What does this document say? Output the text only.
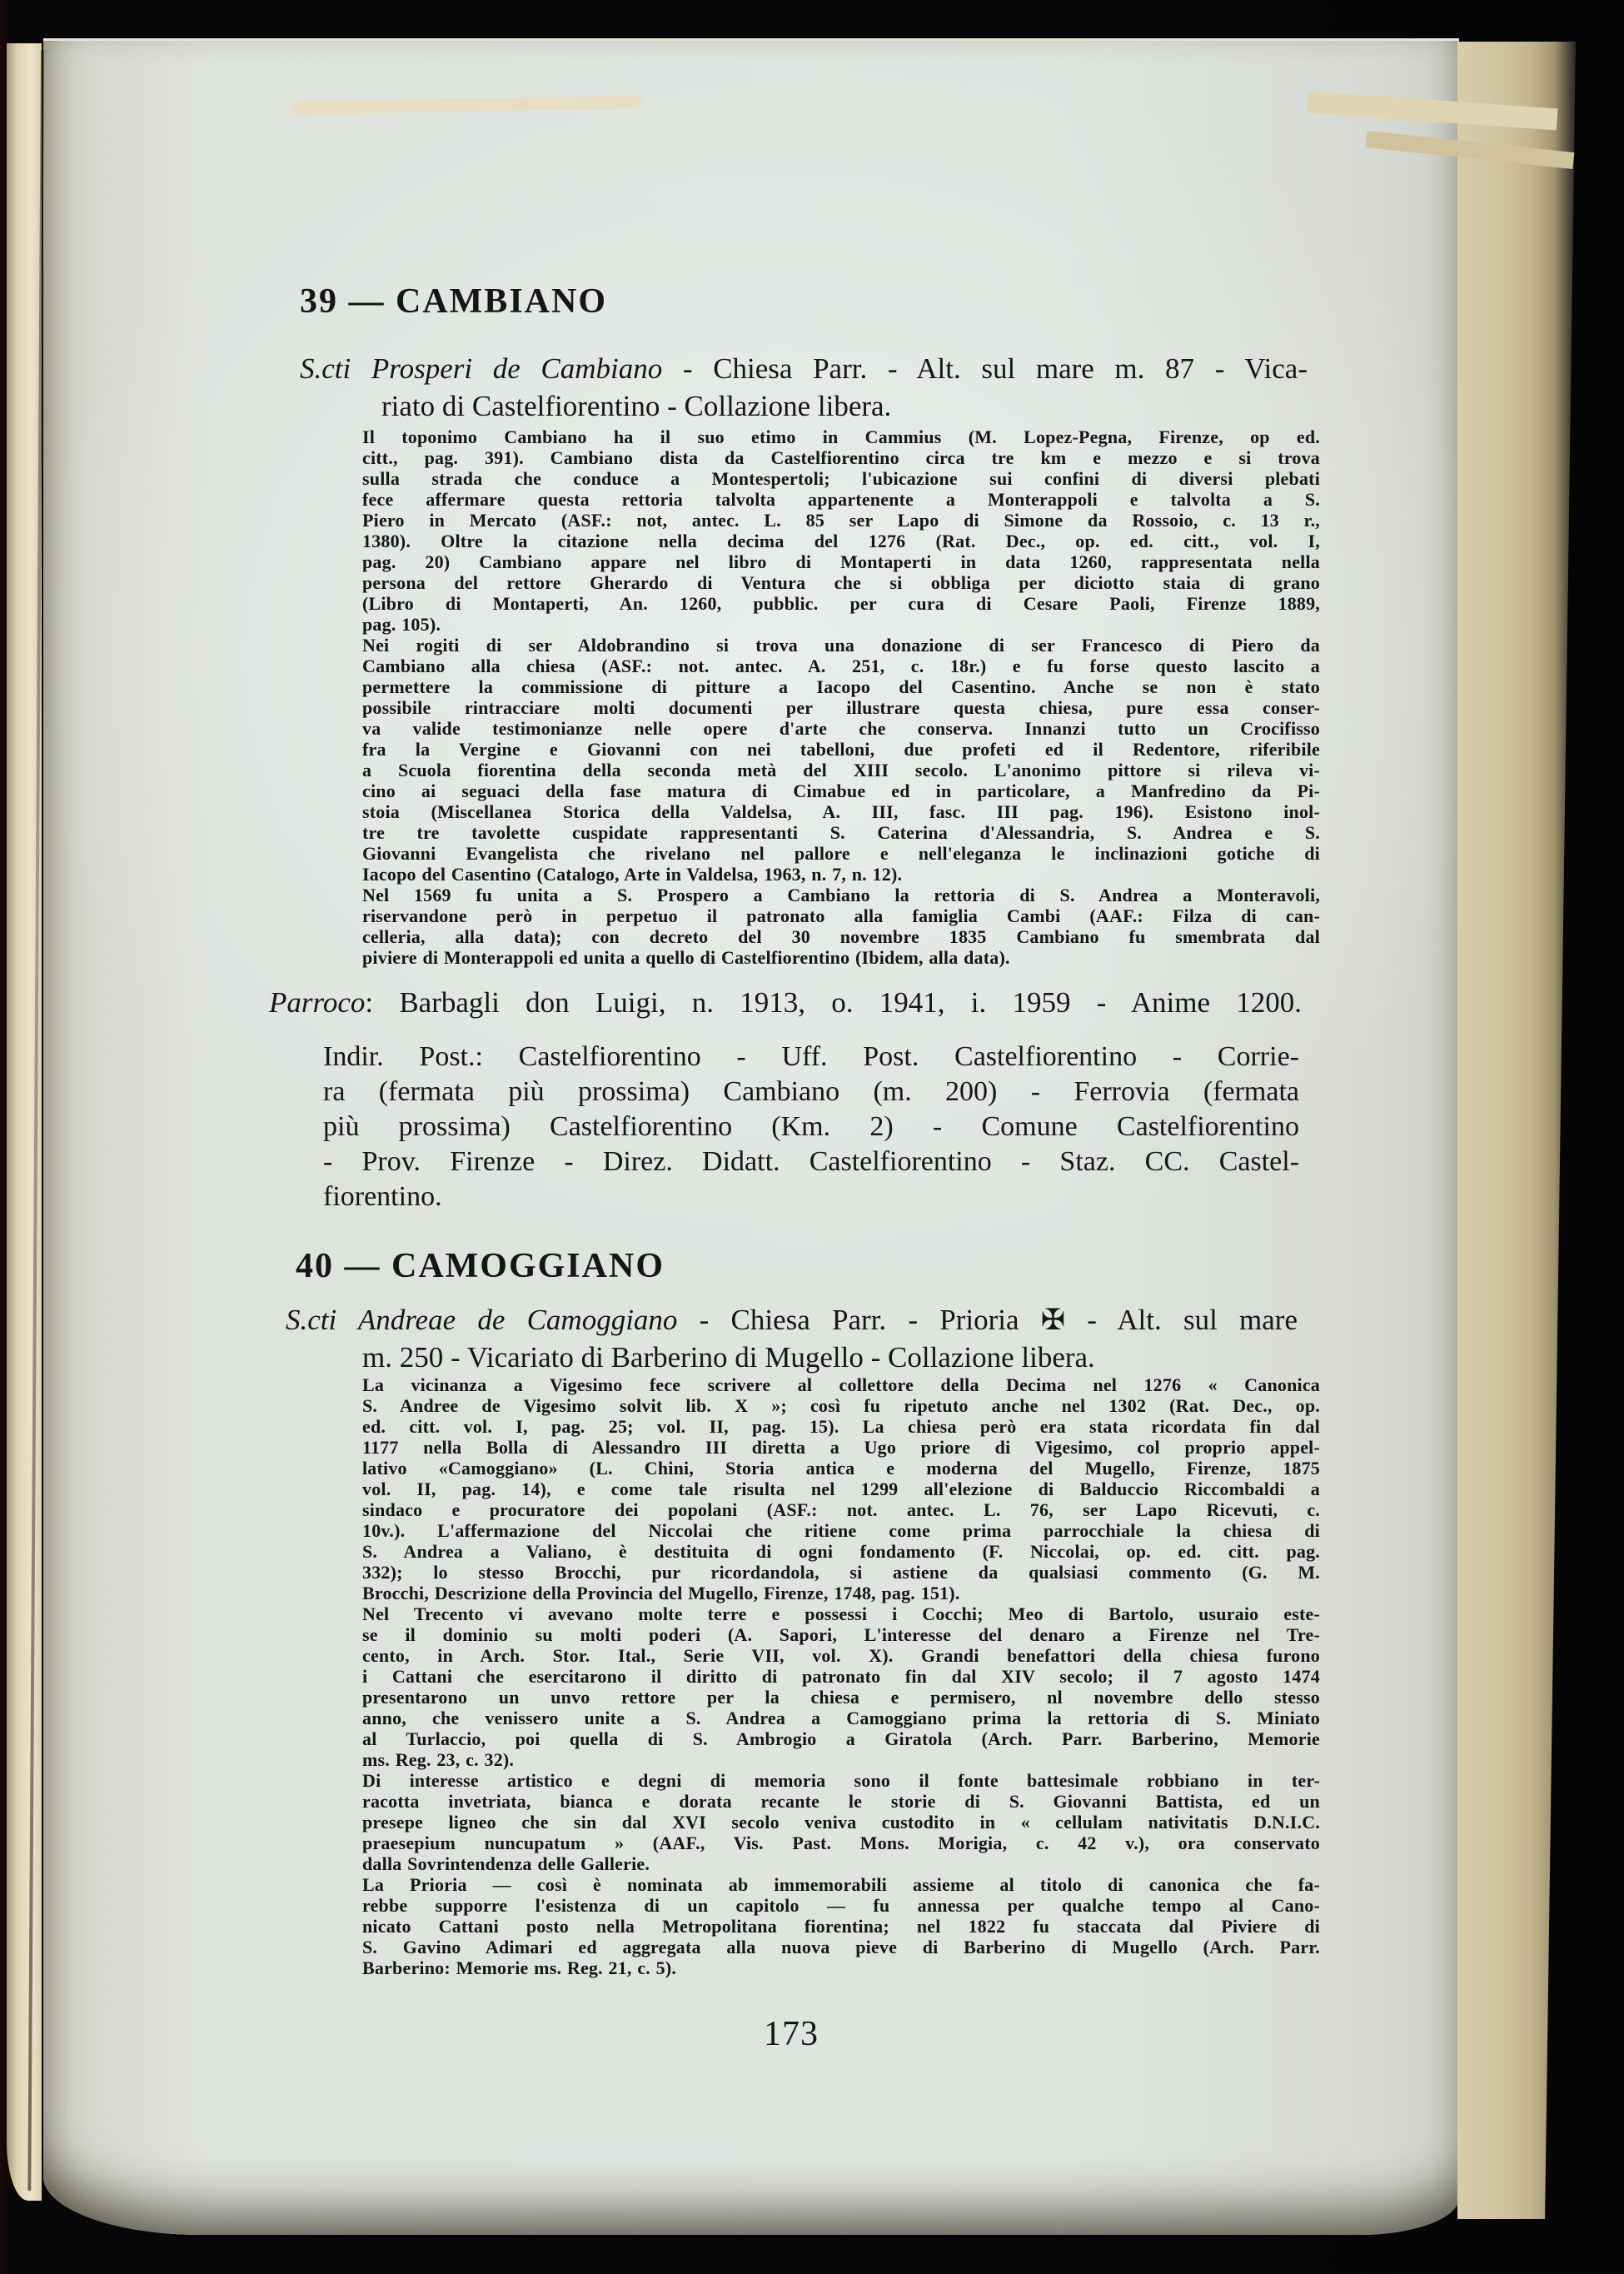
39 — CAMBIANO
S.cti Prosperi de Cambiano - Chiesa Parr. - Alt. sul mare m. 87 - Vica-
riato di Castelfiorentino - Collazione libera.
Il toponimo Cambiano ha il suo etimo in Cammius (M. Lopez-Pegna, Firenze, op ed.
citt., pag. 391). Cambiano dista da Castelfiorentino circa tre km e mezzo e si trova
sulla strada che conduce a Montespertoli; l'ubicazione sui confini di diversi plebati
fece affermare questa rettoria talvolta appartenente a Monterappoli e talvolta a S.
Piero in Mercato (ASF.: not, antec. L. 85 ser Lapo di Simone da Rossoio, c. 13 r.,
1380). Oltre la citazione nella decima del 1276 (Rat. Dec., op. ed. citt., vol. I,
pag. 20) Cambiano appare nel libro di Montaperti in data 1260, rappresentata nella
persona del rettore Gherardo di Ventura che si obbliga per diciotto staia di grano
(Libro di Montaperti, An. 1260, pubblic. per cura di Cesare Paoli, Firenze 1889,
pag. 105).
Nei rogiti di ser Aldobrandino si trova una donazione di ser Francesco di Piero da
Cambiano alla chiesa (ASF.: not. antec. A. 251, c. 18r.) e fu forse questo lascito a
permettere la commissione di pitture a Iacopo del Casentino. Anche se non è stato
possibile rintracciare molti documenti per illustrare questa chiesa, pure essa conser-
va valide testimonianze nelle opere d'arte che conserva. Innanzi tutto un Crocifisso
fra la Vergine e Giovanni con nei tabelloni, due profeti ed il Redentore, riferibile
a Scuola fiorentina della seconda metà del XIII secolo. L'anonimo pittore si rileva vi-
cino ai seguaci della fase matura di Cimabue ed in particolare, a Manfredino da Pi-
stoia (Miscellanea Storica della Valdelsa, A. III, fasc. III pag. 196). Esistono inol-
tre tre tavolette cuspidate rappresentanti S. Caterina d'Alessandria, S. Andrea e S.
Giovanni Evangelista che rivelano nel pallore e nell'eleganza le inclinazioni gotiche di
Iacopo del Casentino (Catalogo, Arte in Valdelsa, 1963, n. 7, n. 12).
Nel 1569 fu unita a S. Prospero a Cambiano la rettoria di S. Andrea a Monteravoli,
riservandone però in perpetuo il patronato alla famiglia Cambi (AAF.: Filza di can-
celleria, alla data); con decreto del 30 novembre 1835 Cambiano fu smembrata dal
piviere di Monterappoli ed unita a quello di Castelfiorentino (Ibidem, alla data).
Parroco: Barbagli don Luigi, n. 1913, o. 1941, i. 1959 - Anime 1200.
Indir. Post.: Castelfiorentino - Uff. Post. Castelfiorentino - Corrie-
ra (fermata più prossima) Cambiano (m. 200) - Ferrovia (fermata
più prossima) Castelfiorentino (Km. 2) - Comune Castelfiorentino
- Prov. Firenze - Direz. Didatt. Castelfiorentino - Staz. CC. Castel-
fiorentino.
40 — CAMOGGIANO
S.cti Andreae de Camoggiano - Chiesa Parr. - Prioria ✠ - Alt. sul mare
m. 250 - Vicariato di Barberino di Mugello - Collazione libera.
La vicinanza a Vigesimo fece scrivere al collettore della Decima nel 1276 « Canonica
S. Andree de Vigesimo solvit lib. X »; così fu ripetuto anche nel 1302 (Rat. Dec., op.
ed. citt. vol. I, pag. 25; vol. II, pag. 15). La chiesa però era stata ricordata fin dal
1177 nella Bolla di Alessandro III diretta a Ugo priore di Vigesimo, col proprio appel-
lativo «Camoggiano» (L. Chini, Storia antica e moderna del Mugello, Firenze, 1875
vol. II, pag. 14), e come tale risulta nel 1299 all'elezione di Balduccio Riccombaldi a
sindaco e procuratore dei popolani (ASF.: not. antec. L. 76, ser Lapo Ricevuti, c.
10v.). L'affermazione del Niccolai che ritiene come prima parrocchiale la chiesa di
S. Andrea a Valiano, è destituita di ogni fondamento (F. Niccolai, op. ed. citt. pag.
332); lo stesso Brocchi, pur ricordandola, si astiene da qualsiasi commento (G. M.
Brocchi, Descrizione della Provincia del Mugello, Firenze, 1748, pag. 151).
Nel Trecento vi avevano molte terre e possessi i Cocchi; Meo di Bartolo, usuraio este-
se il dominio su molti poderi (A. Sapori, L'interesse del denaro a Firenze nel Tre-
cento, in Arch. Stor. Ital., Serie VII, vol. X). Grandi benefattori della chiesa furono
i Cattani che esercitarono il diritto di patronato fin dal XIV secolo; il 7 agosto 1474
presentarono un unvo rettore per la chiesa e permisero, nl novembre dello stesso
anno, che venissero unite a S. Andrea a Camoggiano prima la rettoria di S. Miniato
al Turlaccio, poi quella di S. Ambrogio a Giratola (Arch. Parr. Barberino, Memorie
ms. Reg. 23, c. 32).
Di interesse artistico e degni di memoria sono il fonte battesimale robbiano in ter-
racotta invetriata, bianca e dorata recante le storie di S. Giovanni Battista, ed un
presepe ligneo che sin dal XVI secolo veniva custodito in « cellulam nativitatis D.N.I.C.
praesepium nuncupatum » (AAF., Vis. Past. Mons. Morigia, c. 42 v.), ora conservato
dalla Sovrintendenza delle Gallerie.
La Prioria — così è nominata ab immemorabili assieme al titolo di canonica che fa-
rebbe supporre l'esistenza di un capitolo — fu annessa per qualche tempo al Cano-
nicato Cattani posto nella Metropolitana fiorentina; nel 1822 fu staccata dal Piviere di
S. Gavino Adimari ed aggregata alla nuova pieve di Barberino di Mugello (Arch. Parr.
Barberino: Memorie ms. Reg. 21, c. 5).
173
